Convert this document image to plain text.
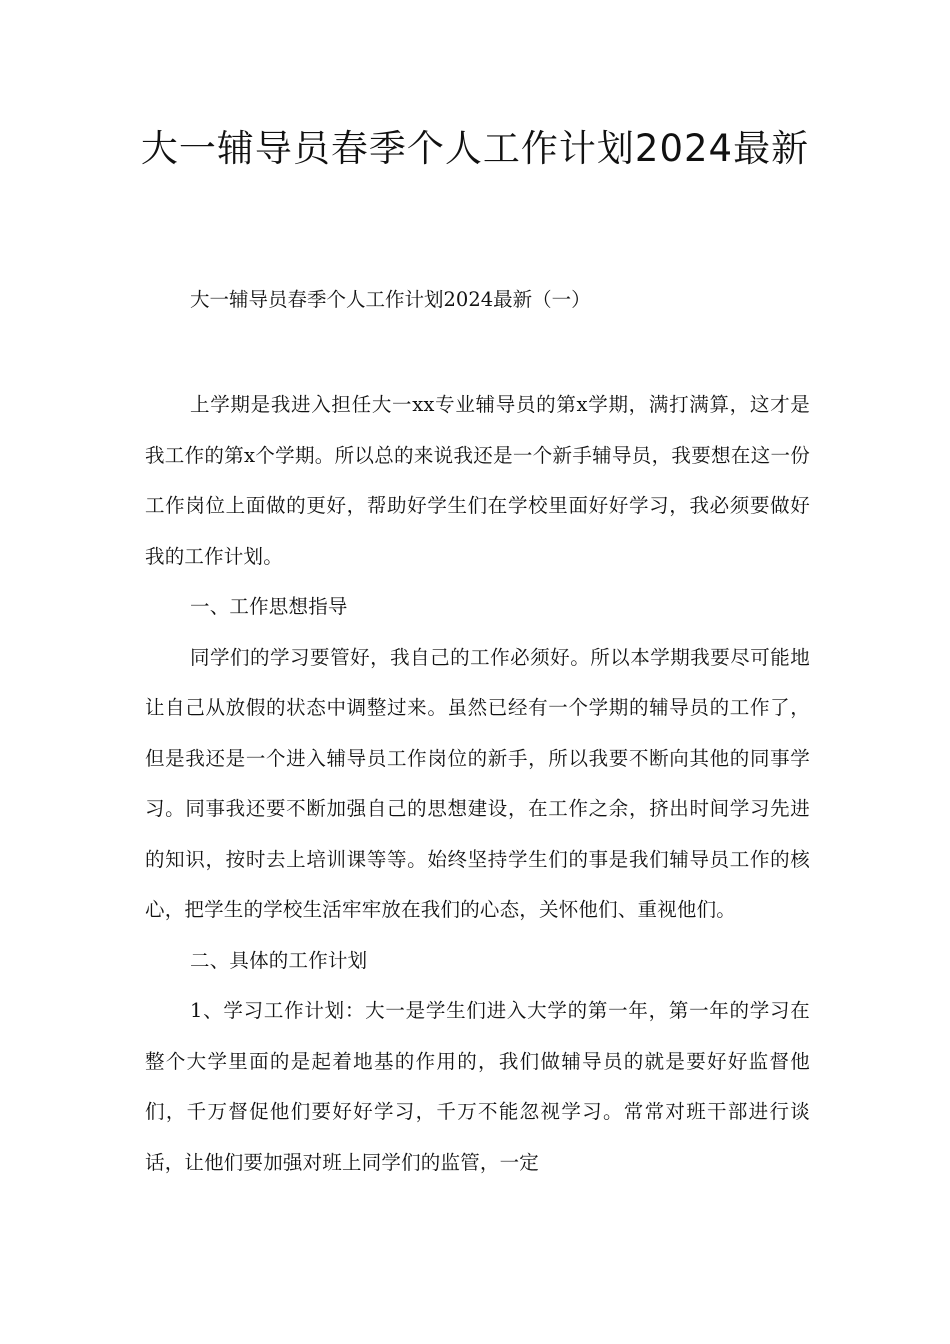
大一辅导员春季个人工作计划2024最新

大一辅导员春季个人工作计划2024最新（一）

上学期是我进入担任大一xx专业辅导员的第x学期，满打满算，这才是我工作的第x个学期。所以总的来说我还是一个新手辅导员，我要想在这一份工作岗位上面做的更好，帮助好学生们在学校里面好好学习，我必须要做好我的工作计划。

一、工作思想指导

同学们的学习要管好，我自己的工作必须好。所以本学期我要尽可能地让自己从放假的状态中调整过来。虽然已经有一个学期的辅导员的工作了，但是我还是一个进入辅导员工作岗位的新手，所以我要不断向其他的同事学习。同事我还要不断加强自己的思想建设，在工作之余，挤出时间学习先进的知识，按时去上培训课等等。始终坚持学生们的事是我们辅导员工作的核心，把学生的学校生活牢牢放在我们的心态，关怀他们、重视他们。

二、具体的工作计划

1、学习工作计划：大一是学生们进入大学的第一年，第一年的学习在整个大学里面的是起着地基的作用的，我们做辅导员的就是要好好监督他们，千万督促他们要好好学习，千万不能忽视学习。常常对班干部进行谈话，让他们要加强对班上同学们的监管，一定
